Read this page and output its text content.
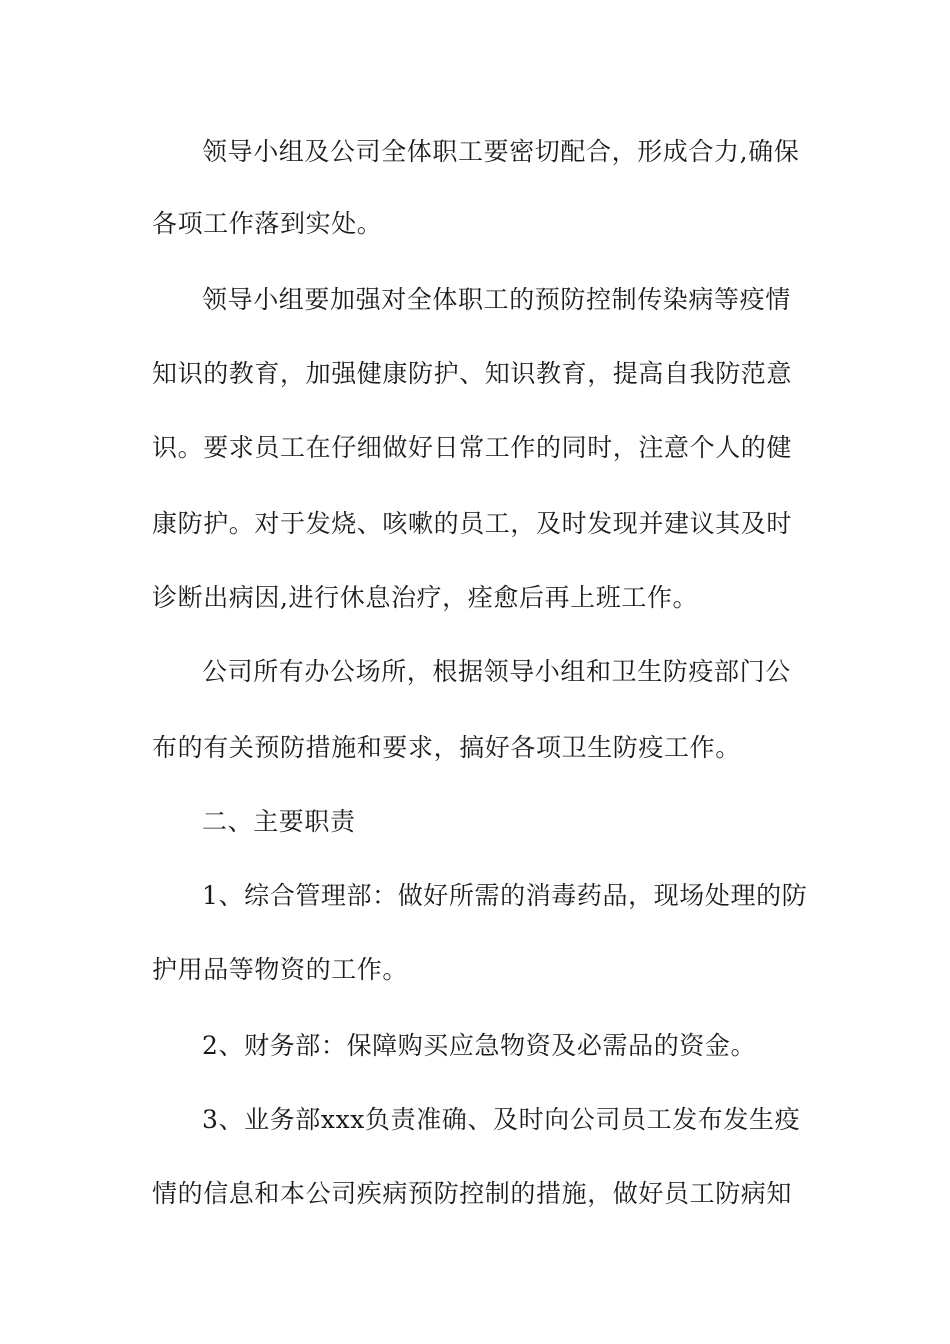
领导小组及公司全体职工要密切配合，形成合力,确保
各项工作落到实处。
领导小组要加强对全体职工的预防控制传染病等疫情
知识的教育，加强健康防护、知识教育，提高自我防范意
识。要求员工在仔细做好日常工作的同时，注意个人的健
康防护。对于发烧、咳嗽的员工，及时发现并建议其及时
诊断出病因,进行休息治疗，痊愈后再上班工作。
公司所有办公场所，根据领导小组和卫生防疫部门公
布的有关预防措施和要求，搞好各项卫生防疫工作。
二、主要职责
1、综合管理部：做好所需的消毒药品，现场处理的防
护用品等物资的工作。
2、财务部：保障购买应急物资及必需品的资金。
3、业务部xxx负责准确、及时向公司员工发布发生疫
情的信息和本公司疾病预防控制的措施，做好员工防病知
